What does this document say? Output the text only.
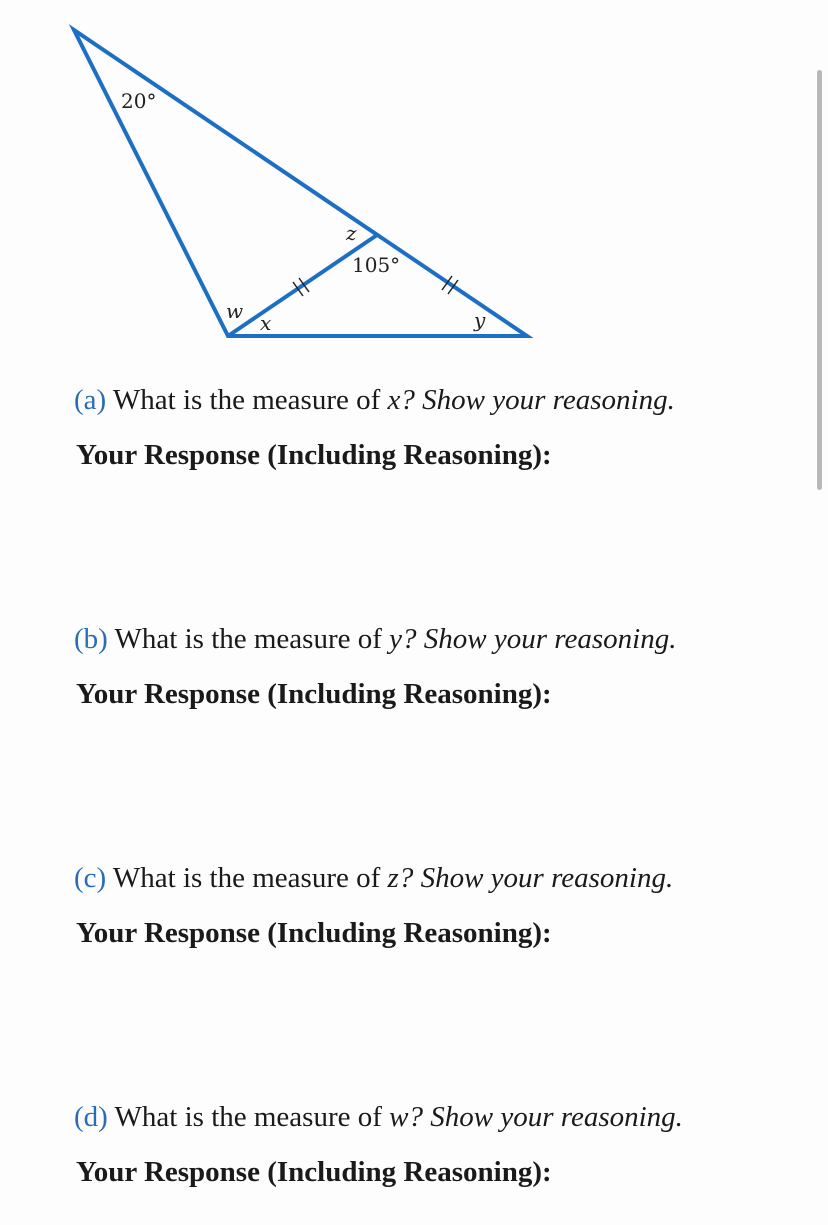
20°
z
105°
w x	y
(a) What is the measure of x? Show your reasoning.
Your Response (Including Reasoning):
(b) What is the measure of y? Show your reasoning.
Your Response (Including Reasoning):
(c) What is the measure of z? Show your reasoning.
Your Response (Including Reasoning):
(d) What is the measure of w? Show your reasoning.
Your Response (Including Reasoning):
